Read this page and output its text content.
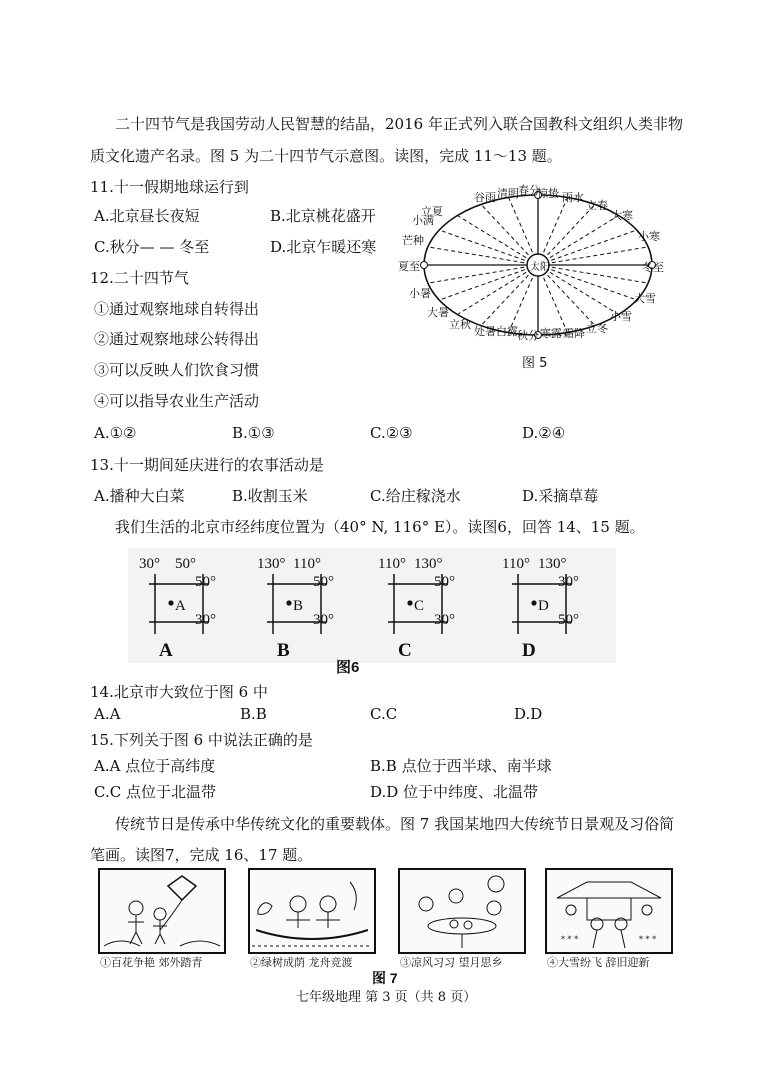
二十四节气是我国劳动人民智慧的结晶，2016 年正式列入联合国教科文组织人类非物
质文化遗产名录。图 5 为二十四节气示意图。读图，完成 11～13 题。
11.十一假期地球运行到
A.北京昼长夜短	B.北京桃花盛开
C.秋分— — 冬至	D.北京乍暖还寒
12.二十四节气
①通过观察地球自转得出
②通过观察地球公转得出
③可以反映人们饮食习惯
④可以指导农业生产活动
A.①②	B.①③	C.②③	D.②④
太阳
立夏
谷雨 清明 春分
惊蛰 雨水
立春
大寒
小寒
冬至
大雪
小雪
立冬
霜降
寒露
秋分
白露
处暑
立秋
大暑
小暑
夏至
芒种
小满
图 5
13.十一期间延庆进行的农事活动是
A.播种大白菜	B.收割玉米	C.给庄稼浇水	D.采摘草莓
我们生活的北京市经纬度位置为（40° N, 116° E）。读图6，回答 14、15 题。
30° 50°
50°
30°
A
A
130° 110°
50°
30°
B
B
110° 130°
50°
30°
C
C
110° 130°
30°
50°
D
D
图6
14.北京市大致位于图 6 中
A.A	B.B	C.C	D.D
15.下列关于图 6 中说法正确的是
A.A 点位于高纬度	B.B 点位于西半球、南半球
C.C 点位于北温带	D.D 位于中纬度、北温带
传统节日是传承中华传统文化的重要载体。图 7 我国某地四大传统节日景观及习俗简
笔画。读图7，完成 16、17 题。
①百花争艳 郊外踏青	②绿树成荫 龙舟竞渡	③凉风习习 望月思乡
* * *	* * *
④大雪纷飞 辞旧迎新
图 7
七年级地理 第 3 页（共 8 页）
